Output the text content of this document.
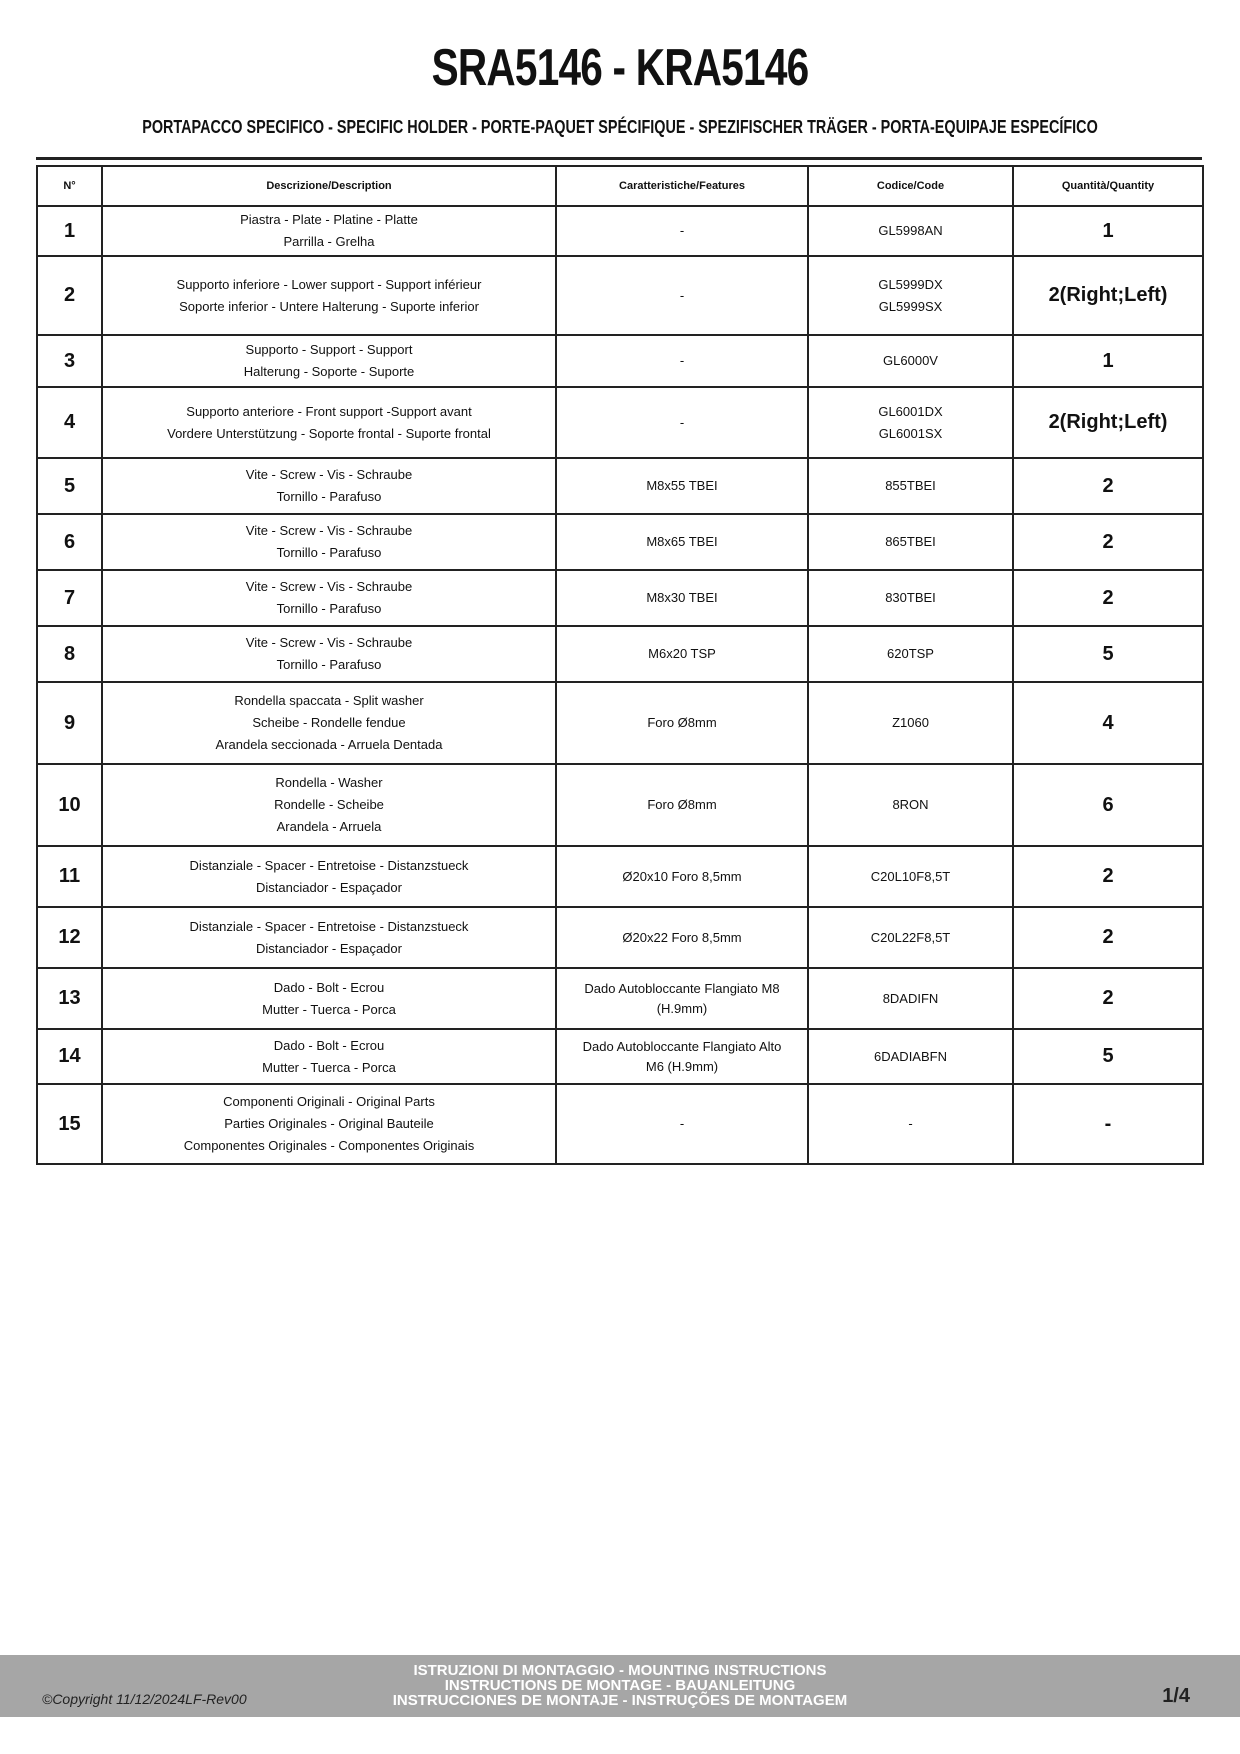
SRA5146 - KRA5146
PORTAPACCO SPECIFICO - SPECIFIC HOLDER - PORTE-PAQUET SPÉCIFIQUE - SPEZIFISCHER TRÄGER - PORTA-EQUIPAJE ESPECÍFICO
N°	Descrizione/Description	Caratteristiche/Features	Codice/Code	Quantità/Quantity
1	Piastra - Plate - Platine - Platte
Parrilla - Grelha	-	GL5998AN	1
2	Supporto inferiore - Lower support - Support inférieur
Soporte inferior - Untere Halterung - Suporte inferior	-	GL5999DX
GL5999SX	2(Right;Left)
3	Supporto - Support - Support
Halterung - Soporte - Suporte	-	GL6000V	1
4	Supporto anteriore - Front support -Support avant
Vordere Unterstützung - Soporte frontal - Suporte frontal	-	GL6001DX
GL6001SX	2(Right;Left)
5	Vite - Screw - Vis - Schraube
Tornillo - Parafuso	M8x55 TBEI	855TBEI	2
6	Vite - Screw - Vis - Schraube
Tornillo - Parafuso	M8x65 TBEI	865TBEI	2
7	Vite - Screw - Vis - Schraube
Tornillo - Parafuso	M8x30 TBEI	830TBEI	2
8	Vite - Screw - Vis - Schraube
Tornillo - Parafuso	M6x20 TSP	620TSP	5
9	Rondella spaccata - Split washer
Scheibe - Rondelle fendue
Arandela seccionada - Arruela Dentada	Foro Ø8mm	Z1060	4
10	Rondella - Washer
Rondelle - Scheibe
Arandela - Arruela	Foro Ø8mm	8RON	6
11	Distanziale - Spacer - Entretoise - Distanzstueck
Distanciador - Espaçador	Ø20x10 Foro 8,5mm	C20L10F8,5T	2
12	Distanziale - Spacer - Entretoise - Distanzstueck
Distanciador - Espaçador	Ø20x22 Foro 8,5mm	C20L22F8,5T	2
13	Dado - Bolt - Ecrou
Mutter - Tuerca - Porca	Dado Autobloccante Flangiato M8
(H.9mm)	8DADIFN	2
14	Dado - Bolt - Ecrou
Mutter - Tuerca - Porca	Dado Autobloccante Flangiato Alto
M6 (H.9mm)	6DADIABFN	5
15	Componenti Originali - Original Parts
Parties Originales - Original Bauteile
Componentes Originales - Componentes Originais	-	-	-
ISTRUZIONI DI MONTAGGIO - MOUNTING INSTRUCTIONS
INSTRUCTIONS DE MONTAGE - BAUANLEITUNG
INSTRUCCIONES DE MONTAJE - INSTRUÇÕES DE MONTAGEM
©Copyright 11/12/2024LF-Rev00	1/4
